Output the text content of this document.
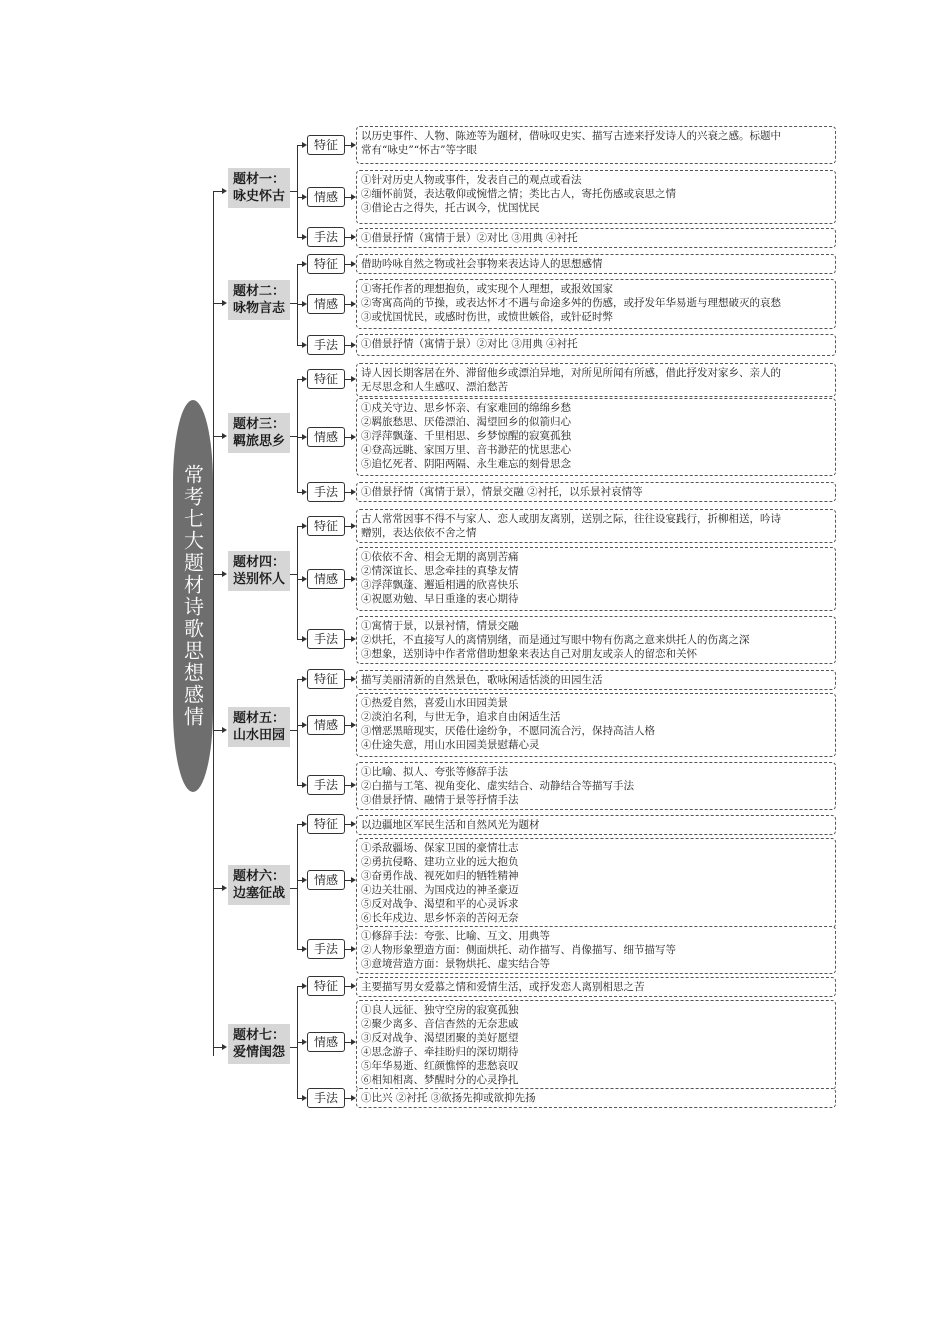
常考七大题材诗歌思想感情
题材一：
咏史怀古
特征
以历史事件、人物、陈迹等为题材，借咏叹史实、描写古迹来抒发诗人的兴衰之感。标题中
常有“咏史”“怀古”等字眼
情感
①针对历史人物或事件，发表自己的观点或看法
②缅怀前贤，表达敬仰或惋惜之情；类比古人，寄托伤感或哀思之情
③借论古之得失，托古讽今，忧国忧民
手法	①借景抒情（寓情于景）②对比 ③用典 ④衬托
题材二：
咏物言志
特征	借助吟咏自然之物或社会事物来表达诗人的思想感情
情感
①寄托作者的理想抱负，或实现个人理想，或报效国家
②寄寓高尚的节操，或表达怀才不遇与命途多舛的伤感，或抒发年华易逝与理想破灭的哀愁
③或忧国忧民，或感时伤世，或愤世嫉俗，或针砭时弊
手法	①借景抒情（寓情于景）②对比 ③用典 ④衬托
题材三：
羁旅思乡
特征	诗人因长期客居在外、滞留他乡或漂泊异地，对所见所闻有所感，借此抒发对家乡、亲人的
无尽思念和人生感叹、漂泊愁苦
情感
①戍关守边、思乡怀亲、有家难回的绵绵乡愁
②羁旅愁思、厌倦漂泊、渴望回乡的似箭归心
③浮萍飘蓬、千里相思、乡梦惊醒的寂寞孤独
④登高远眺、家国万里、音书渺茫的忧思悲心
⑤追忆死者、阴阳两隔、永生难忘的刻骨思念
手法	①借景抒情（寓情于景），情景交融 ②衬托，以乐景衬哀情等
题材四：
送别怀人
特征	古人常常因事不得不与家人、恋人或朋友离别，送别之际，往往设宴践行，折柳相送，吟诗
赠别，表达依依不舍之情
情感
①依依不舍、相会无期的离别苦痛
②情深谊长、思念牵挂的真挚友情
③浮萍飘蓬、邂逅相遇的欣喜快乐
④祝愿劝勉、早日重逢的衷心期待
手法
①寓情于景，以景衬情，情景交融
②烘托，不直接写人的离情别绪，而是通过写眼中物有伤离之意来烘托人的伤离之深
③想象，送别诗中作者常借助想象来表达自己对朋友或亲人的留恋和关怀
题材五：
山水田园
特征	描写美丽清新的自然景色，歌咏闲适恬淡的田园生活
情感
①热爱自然，喜爱山水田园美景
②淡泊名利，与世无争，追求自由闲适生活
③憎恶黑暗现实，厌倦仕途纷争，不愿同流合污，保持高洁人格
④仕途失意，用山水田园美景慰藉心灵
手法
①比喻、拟人、夸张等修辞手法
②白描与工笔、视角变化、虚实结合、动静结合等描写手法
③借景抒情、融情于景等抒情手法
题材六：
边塞征战
特征	以边疆地区军民生活和自然风光为题材
情感
①杀敌疆场、保家卫国的豪情壮志
②勇抗侵略、建功立业的远大抱负
③奋勇作战、视死如归的牺牲精神
④边关壮丽、为国戍边的神圣豪迈
⑤反对战争、渴望和平的心灵诉求
⑥长年戍边、思乡怀亲的苦闷无奈
手法
①修辞手法：夸张、比喻、互文、用典等
②人物形象塑造方面：侧面烘托、动作描写、肖像描写、细节描写等
③意境营造方面：景物烘托、虚实结合等
题材七：
爱情闺怨
特征	主要描写男女爱慕之情和爱情生活，或抒发恋人离别相思之苦
情感
①良人远征、独守空房的寂寞孤独
②聚少离多、音信杳然的无奈悲戚
③反对战争、渴望团聚的美好愿望
④思念游子、牵挂盼归的深切期待
⑤年华易逝、红颜憔悴的悲愁哀叹
⑥相知相离、梦醒时分的心灵挣扎
手法	①比兴 ②衬托 ③欲扬先抑或欲抑先扬
